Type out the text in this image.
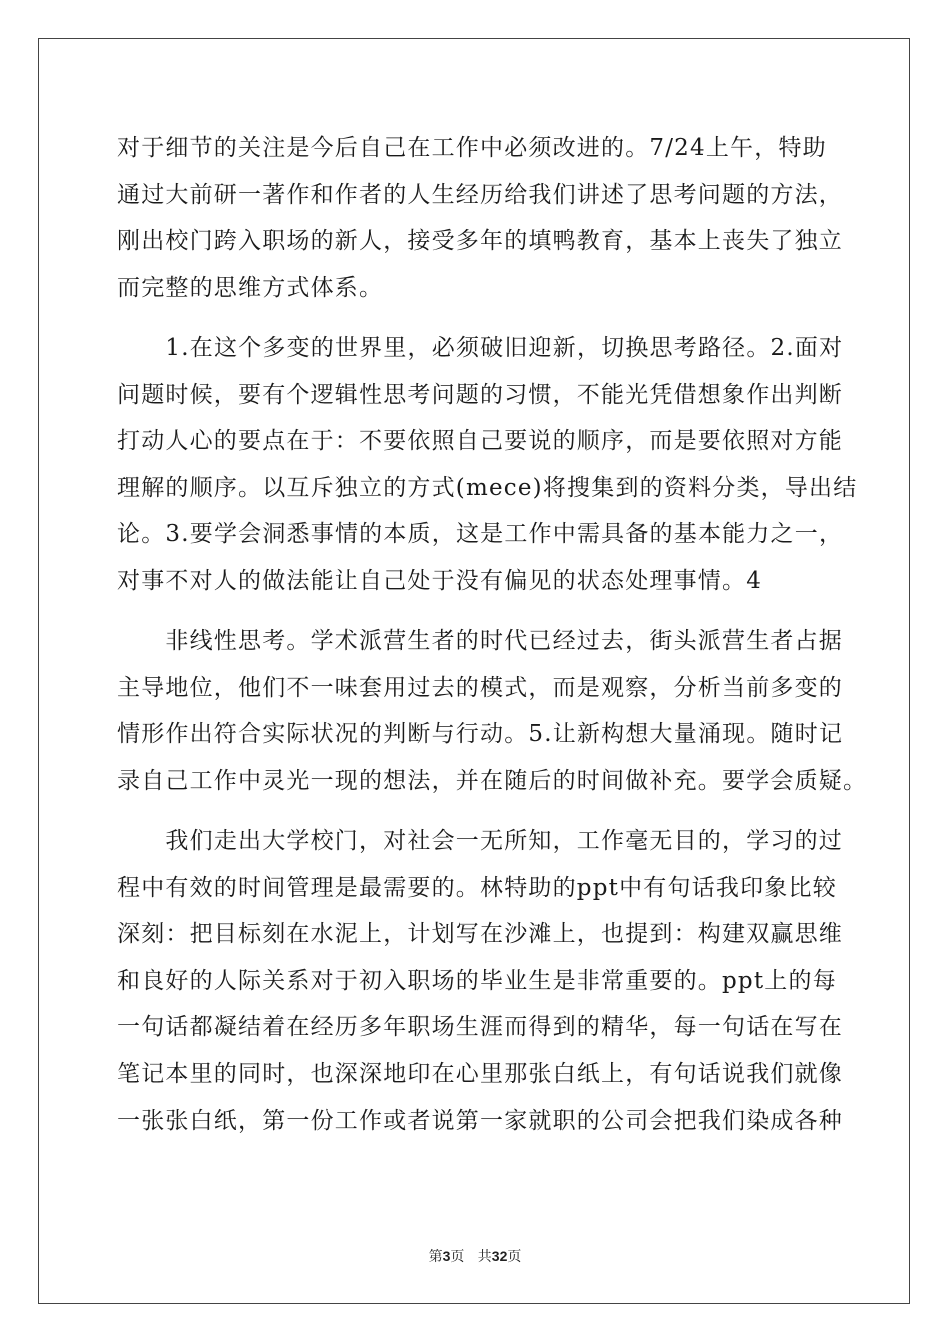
对于细节的关注是今后自己在工作中必须改进的。7/24上午，特助
通过大前研一著作和作者的人生经历给我们讲述了思考问题的方法，
刚出校门跨入职场的新人，接受多年的填鸭教育，基本上丧失了独立
而完整的思维方式体系。
　　1.在这个多变的世界里，必须破旧迎新，切换思考路径。2.面对
问题时候，要有个逻辑性思考问题的习惯，不能光凭借想象作出判断
打动人心的要点在于：不要依照自己要说的顺序，而是要依照对方能
理解的顺序。以互斥独立的方式(mece)将搜集到的资料分类，导出结
论。3.要学会洞悉事情的本质，这是工作中需具备的基本能力之一，
对事不对人的做法能让自己处于没有偏见的状态处理事情。4
　　非线性思考。学术派营生者的时代已经过去，街头派营生者占据
主导地位，他们不一味套用过去的模式，而是观察，分析当前多变的
情形作出符合实际状况的判断与行动。5.让新构想大量涌现。随时记
录自己工作中灵光一现的想法，并在随后的时间做补充。要学会质疑。
　　我们走出大学校门，对社会一无所知，工作毫无目的，学习的过
程中有效的时间管理是最需要的。林特助的ppt中有句话我印象比较
深刻：把目标刻在水泥上，计划写在沙滩上，也提到：构建双赢思维
和良好的人际关系对于初入职场的毕业生是非常重要的。ppt上的每
一句话都凝结着在经历多年职场生涯而得到的精华，每一句话在写在
笔记本里的同时，也深深地印在心里那张白纸上，有句话说我们就像
一张张白纸，第一份工作或者说第一家就职的公司会把我们染成各种
第3页 共32页
